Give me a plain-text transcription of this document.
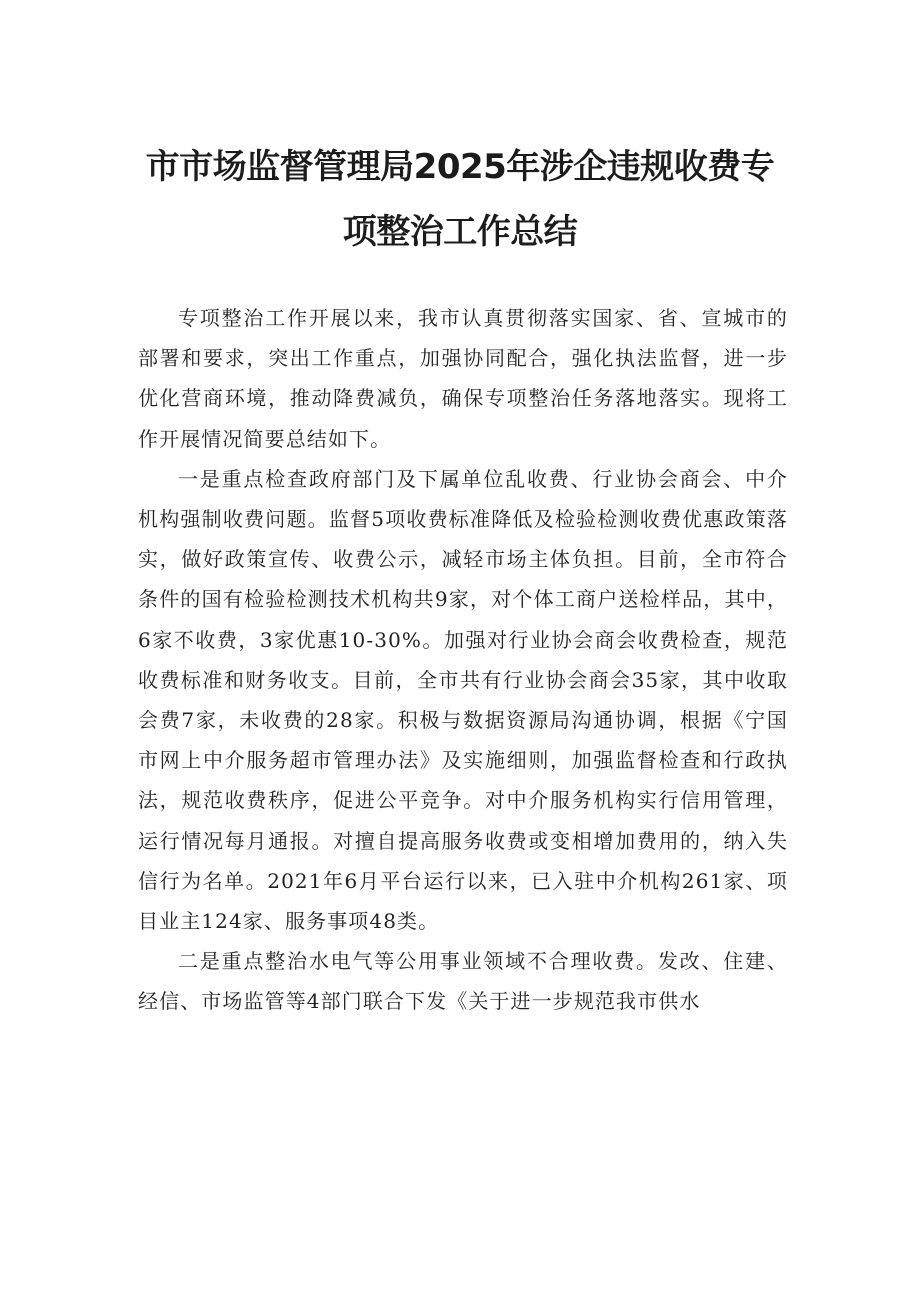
市市场监督管理局2025年涉企违规收费专
项整治工作总结

专项整治工作开展以来，我市认真贯彻落实国家、省、宣城市的部署和要求，突出工作重点，加强协同配合，强化执法监督，进一步优化营商环境，推动降费减负，确保专项整治任务落地落实。现将工作开展情况简要总结如下。

一是重点检查政府部门及下属单位乱收费、行业协会商会、中介机构强制收费问题。监督5项收费标准降低及检验检测收费优惠政策落实，做好政策宣传、收费公示，减轻市场主体负担。目前，全市符合条件的国有检验检测技术机构共9家，对个体工商户送检样品，其中，6家不收费，3家优惠10-30%。加强对行业协会商会收费检查，规范收费标准和财务收支。目前，全市共有行业协会商会35家，其中收取会费7家，未收费的28家。积极与数据资源局沟通协调，根据《宁国市网上中介服务超市管理办法》及实施细则，加强监督检查和行政执法，规范收费秩序，促进公平竞争。对中介服务机构实行信用管理，运行情况每月通报。对擅自提高服务收费或变相增加费用的，纳入失信行为名单。2021年6月平台运行以来，已入驻中介机构261家、项目业主124家、服务事项48类。

二是重点整治水电气等公用事业领域不合理收费。发改、住建、经信、市场监管等4部门联合下发《关于进一步规范我市供水
